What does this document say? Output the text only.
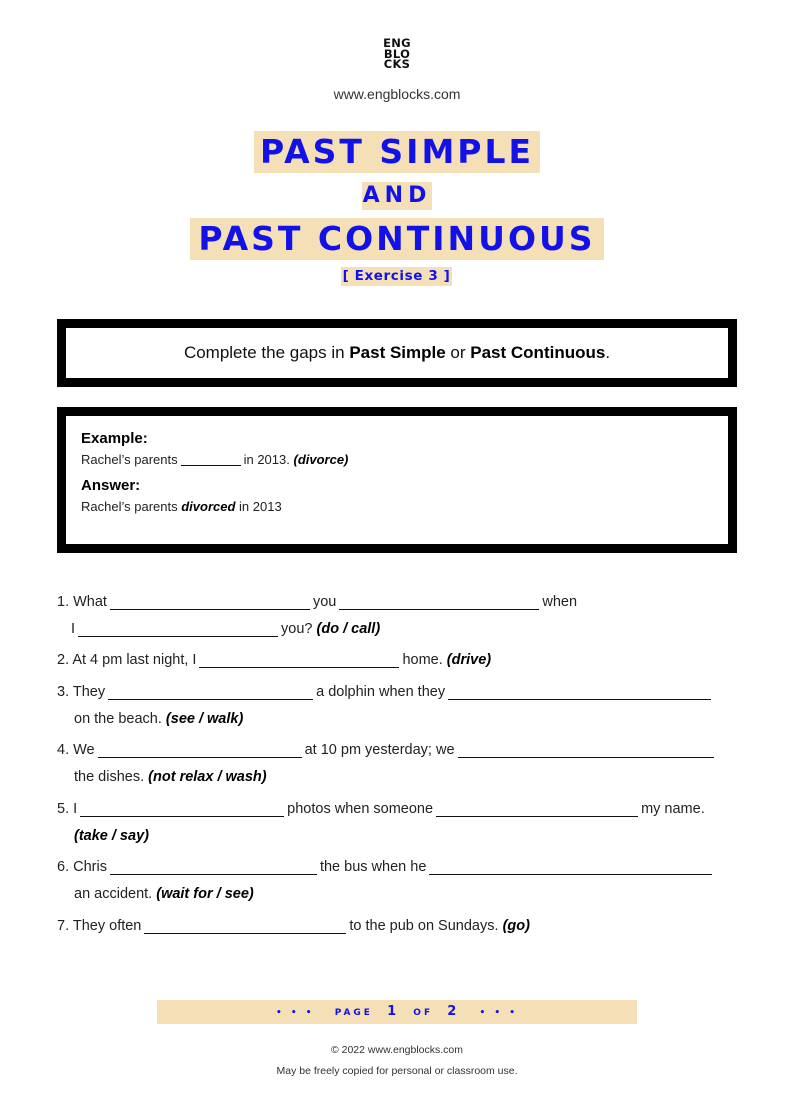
ENG
BLO
CKS
www.engblocks.com
PAST SIMPLE
AND
PAST CONTINUOUS
[ Exercise 3 ]
Complete the gaps in Past Simple or Past Continuous.

Example:

Rachel’s parents	in 2013. (divorce)

Answer:

Rachel’s parents divorced in 2013

1. What	you	when
I	you? (do / call)
2. At 4 pm last night, I	home. (drive)
3. They	a dolphin when they
on the beach. (see / walk)
4. We	at 10 pm yesterday; we
the dishes. (not relax / wash)
5. I	photos when someone	my name.
(take / say)
6. Chris	the bus when he
an accident. (wait for / see)
7. They often	to the pub on Sundays. (go)
• • • PAGE 1 OF 2 • • •
© 2022 www.engblocks.com
May be freely copied for personal or classroom use.
